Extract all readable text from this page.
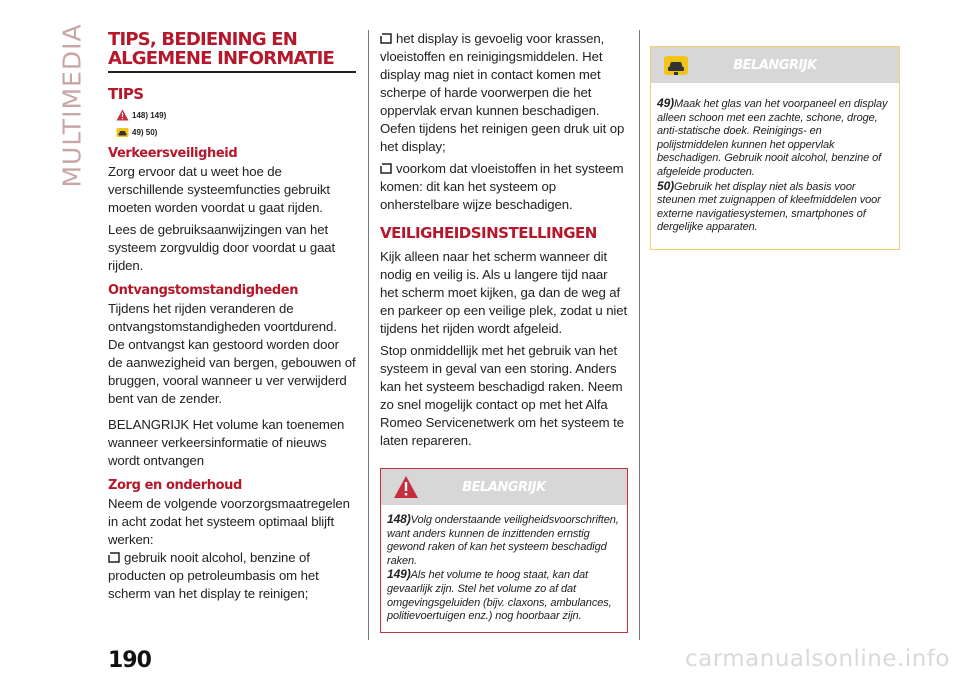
MULTIMEDIA TIPS, BEDIENING EN ALGEMENE INFORMATIE
TIPS
148) 149)
49) 50)
Verkeersveiligheid

Zorg ervoor dat u weet hoe de verschillende systeemfuncties gebruikt moeten worden voordat u gaat rijden.

Lees de gebruiksaanwijzingen van het systeem zorgvuldig door voordat u gaat rijden.

Ontvangstomstandigheden

Tijdens het rijden veranderen de ontvangstomstandigheden voortdurend. De ontvangst kan gestoord worden door de aanwezigheid van bergen, gebouwen of bruggen, vooral wanneer u ver verwijderd bent van de zender.

BELANGRIJK Het volume kan toenemen wanneer verkeersinformatie of nieuws wordt ontvangen

Zorg en onderhoud

Neem de volgende voorzorgsmaatregelen in acht zodat het systeem optimaal blijft werken:

gebruik nooit alcohol, benzine of producten op petroleumbasis om het scherm van het display te reinigen;

het display is gevoelig voor krassen, vloeistoffen en reinigingsmiddelen. Het display mag niet in contact komen met scherpe of harde voorwerpen die het oppervlak ervan kunnen beschadigen. Oefen tijdens het reinigen geen druk uit op het display;

voorkom dat vloeistoffen in het systeem komen: dit kan het systeem op onherstelbare wijze beschadigen.

VEILIGHEIDSINSTELLINGEN

Kijk alleen naar het scherm wanneer dit nodig en veilig is. Als u langere tijd naar het scherm moet kijken, ga dan de weg af en parkeer op een veilige plek, zodat u niet tijdens het rijden wordt afgeleid.

Stop onmiddellijk met het gebruik van het systeem in geval van een storing. Anders kan het systeem beschadigd raken. Neem zo snel mogelijk contact op met het Alfa Romeo Servicenetwerk om het systeem te laten repareren.

BELANGRIJK
148)Volg onderstaande veiligheidsvoorschriften, want anders kunnen de inzittenden ernstig gewond raken of kan het systeem beschadigd raken.
149)Als het volume te hoog staat, kan dat gevaarlijk zijn. Stel het volume zo af dat omgevingsgeluiden (bijv. claxons, ambulances, politievoertuigen enz.) nog hoorbaar zijn.
BELANGRIJK
49)Maak het glas van het voorpaneel en display alleen schoon met een zachte, schone, droge, anti-statische doek. Reinigings- en polijstmiddelen kunnen het oppervlak beschadigen. Gebruik nooit alcohol, benzine of afgeleide producten.
50)Gebruik het display niet als basis voor steunen met zuignappen of kleefmiddelen voor externe navigatiesystemen, smartphones of dergelijke apparaten.
190	carmanualsonline.info
